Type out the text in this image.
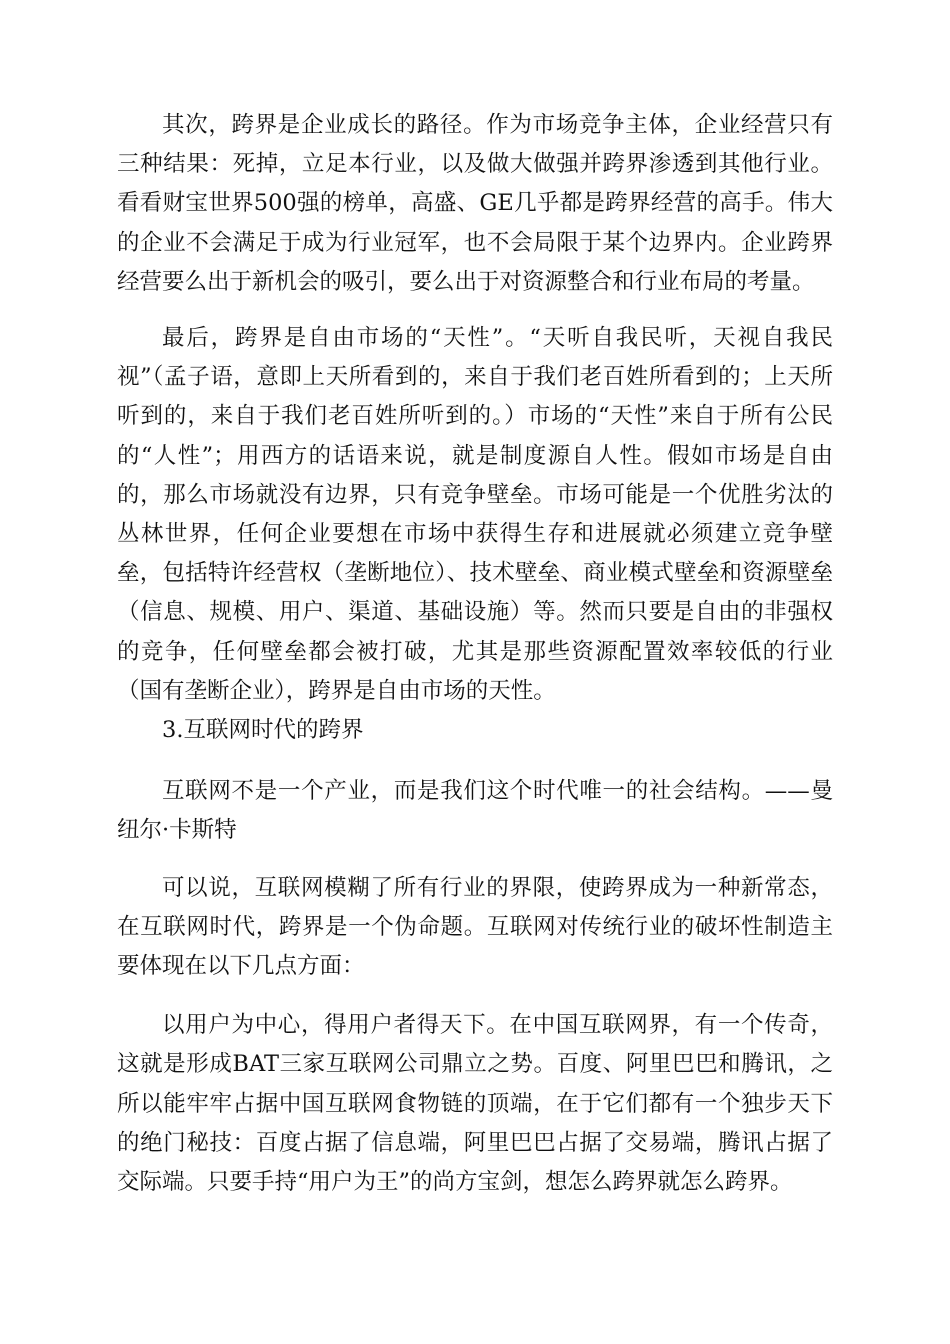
其次，跨界是企业成长的路径。作为市场竞争主体，企业经营只有三种结果：死掉，立足本行业，以及做大做强并跨界渗透到其他行业。看看财宝世界500强的榜单，高盛、GE几乎都是跨界经营的高手。伟大的企业不会满足于成为行业冠军，也不会局限于某个边界内。企业跨界经营要么出于新机会的吸引，要么出于对资源整合和行业布局的考量。

最后，跨界是自由市场的“天性”。“天听自我民听，天视自我民视”（孟子语，意即上天所看到的，来自于我们老百姓所看到的；上天所听到的，来自于我们老百姓所听到的。）市场的“天性”来自于所有公民的“人性”；用西方的话语来说，就是制度源自人性。假如市场是自由的，那么市场就没有边界，只有竞争壁垒。市场可能是一个优胜劣汰的丛林世界，任何企业要想在市场中获得生存和进展就必须建立竞争壁垒，包括特许经营权（垄断地位）、技术壁垒、商业模式壁垒和资源壁垒（信息、规模、用户、渠道、基础设施）等。然而只要是自由的非强权的竞争，任何壁垒都会被打破，尤其是那些资源配置效率较低的行业（国有垄断企业），跨界是自由市场的天性。

3.互联网时代的跨界

互联网不是一个产业，而是我们这个时代唯一的社会结构。——曼纽尔·卡斯特

可以说，互联网模糊了所有行业的界限，使跨界成为一种新常态，在互联网时代，跨界是一个伪命题。互联网对传统行业的破坏性制造主要体现在以下几点方面：

以用户为中心，得用户者得天下。在中国互联网界，有一个传奇，这就是形成BAT三家互联网公司鼎立之势。百度、阿里巴巴和腾讯，之所以能牢牢占据中国互联网食物链的顶端，在于它们都有一个独步天下的绝门秘技：百度占据了信息端，阿里巴巴占据了交易端，腾讯占据了交际端。只要手持“用户为王”的尚方宝剑，想怎么跨界就怎么跨界。
